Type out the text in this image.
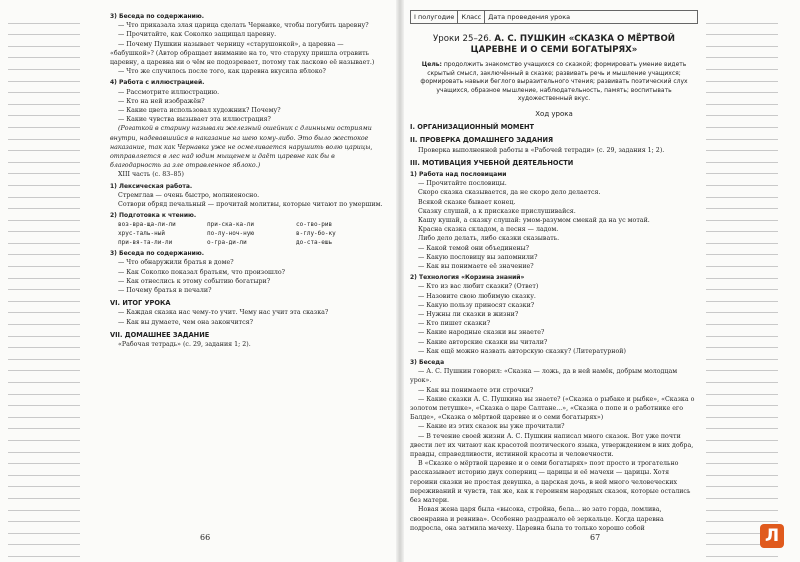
3) Беседа по содержанию.

— Что приказала злая царица сделать Чернавке, чтобы погубить царевну?

— Прочитайте, как Соколко защищал царевну.

— Почему Пушкин называет черницу «старушонкой», а царевна — «бабушкой»? (Автор обращает внимание на то, что старуху пришла отравить царевну, а царевна ни о чём не подозревает, потому так ласково её называет.)

— Что же случилось после того, как царевна вкусила яблоко?

4) Работа с иллюстрацией.

— Рассмотрите иллюстрацию.

— Кто на ней изображён?

— Какие цвета использовал художник? Почему?

— Какие чувства вызывает эта иллюстрация?

(Рогаткой в старину называли железный ошейник с длинными остриями внутри, надевавшийся в наказание на шею кому-либо. Это было жестокое наказание, так как Чернавка уже не осмеливается нарушить волю царицы, отправляется в лес над юдим мыщенем и даёт царевне как бы в благодарность за зле отравленное яблоко.)

XIII часть (с. 83–85)

1) Лексическая работа.

Стремглав — очень быстро, молниеносно.

Сотвори обряд печальный — прочитай молитвы, которые читают по умершим.

2) Подготовка к чтению.

воз-вра-ща-ли-ли	при-ска-ка-ли	со-тво-рив
хрус-таль-ный	по-лу-ноч-ную	в-глу-бо-ку
при-вя-та-ли-ли	о-гра-ди-ли	до-ста-ешь

3) Беседа по содержанию.

— Что обнаружили братья в доме?

— Как Соколко показал братьям, что произошло?

— Как отнеслись к этому событию богатыри?

— Почему братья в печали?

VI. ИТОГ УРОКА

— Каждая сказка нас чему-то учит. Чему нас учит эта сказка?

— Как вы думаете, чем она закончится?

VII. ДОМАШНЕЕ ЗАДАНИЕ

«Рабочая тетрадь» (с. 29, задания 1; 2).

66
I полугодие	Класс	Дата проведения урока
Уроки 25–26. А. С. ПУШКИН «СКАЗКА О МЁРТВОЙ ЦАРЕВНЕ И О СЕМИ БОГАТЫРЯХ»

Цель: продолжить знакомство учащихся со сказкой; формировать умение видеть скрытый смысл, заключённый в сказке; развивать речь и мышление учащихся; формировать навыки беглого выразительного чтения; развивать поэтический слух учащихся, образное мышление, наблюдательность, память; воспитывать художественный вкус.

Ход урока

I. ОРГАНИЗАЦИОННЫЙ МОМЕНТ

II. ПРОВЕРКА ДОМАШНЕГО ЗАДАНИЯ

Проверка выполненной работы в «Рабочей тетради» (с. 29, задания 1; 2).

III. МОТИВАЦИЯ УЧЕБНОЙ ДЕЯТЕЛЬНОСТИ

1) Работа над пословицами

— Прочитайте пословицы.

Скоро сказка сказывается, да не скоро дело делается.

Всякой сказке бывает конец.

Сказку слушай, а к присказке прислушивайся.

Кашу кушай, а сказку слушай: умом-разумом смекай да на ус мотай.

Красна сказка складом, а песня — ладом.

Либо дело делать, либо сказки сказывать.

— Какой темой они объединены?

— Какую пословицу вы запомнили?

— Как вы понимаете её значение?

2) Технология «Корзина знаний»

— Кто из вас любит сказки? (Ответ)

— Назовите свою любимую сказку.

— Какую пользу приносят сказки?

— Нужны ли сказки в жизни?

— Кто пишет сказки?

— Какие народные сказки вы знаете?

— Какие авторские сказки вы читали?

— Как ещё можно назвать авторскую сказку? (Литературной)

3) Беседа

— А. С. Пушкин говорил: «Сказка — ложь, да в ней намёк, добрым молодцам урок».

— Как вы понимаете эти строчки?

— Какие сказки А. С. Пушкина вы знаете? («Сказка о рыбаке и рыбке», «Сказка о золотом петушке», «Сказка о царе Салтане...», «Сказка о попе и о работнике его Балде», «Сказка о мёртвой царевне и о семи богатырях»)

— Какие из этих сказок вы уже прочитали?

— В течение своей жизни А. С. Пушкин написал много сказок. Вот уже почти двести лет их читают как красотой поэтического языка, утверждением в них добра, правды, справедливости, истинной красоты и человечности.

В «Сказке о мёртвой царевне и о семи богатырях» поэт просто и трогательно рассказывает историю двух соперниц — царицы и её мачехи — царицы. Хотя героини сказки не простая девушка, а царская дочь, в ней много человеческих переживаний и чувств, так же, как к героиням народных сказок, которые остались без матери.

Новая жена царя была «высока, стройна, бела... но зато горда, ломлива, своенравна и ревнива». Особенно раздражало её зеркальце. Когда царевна подросла, она затмила мачеху. Царевна была то только хорошо собой

67	Л
